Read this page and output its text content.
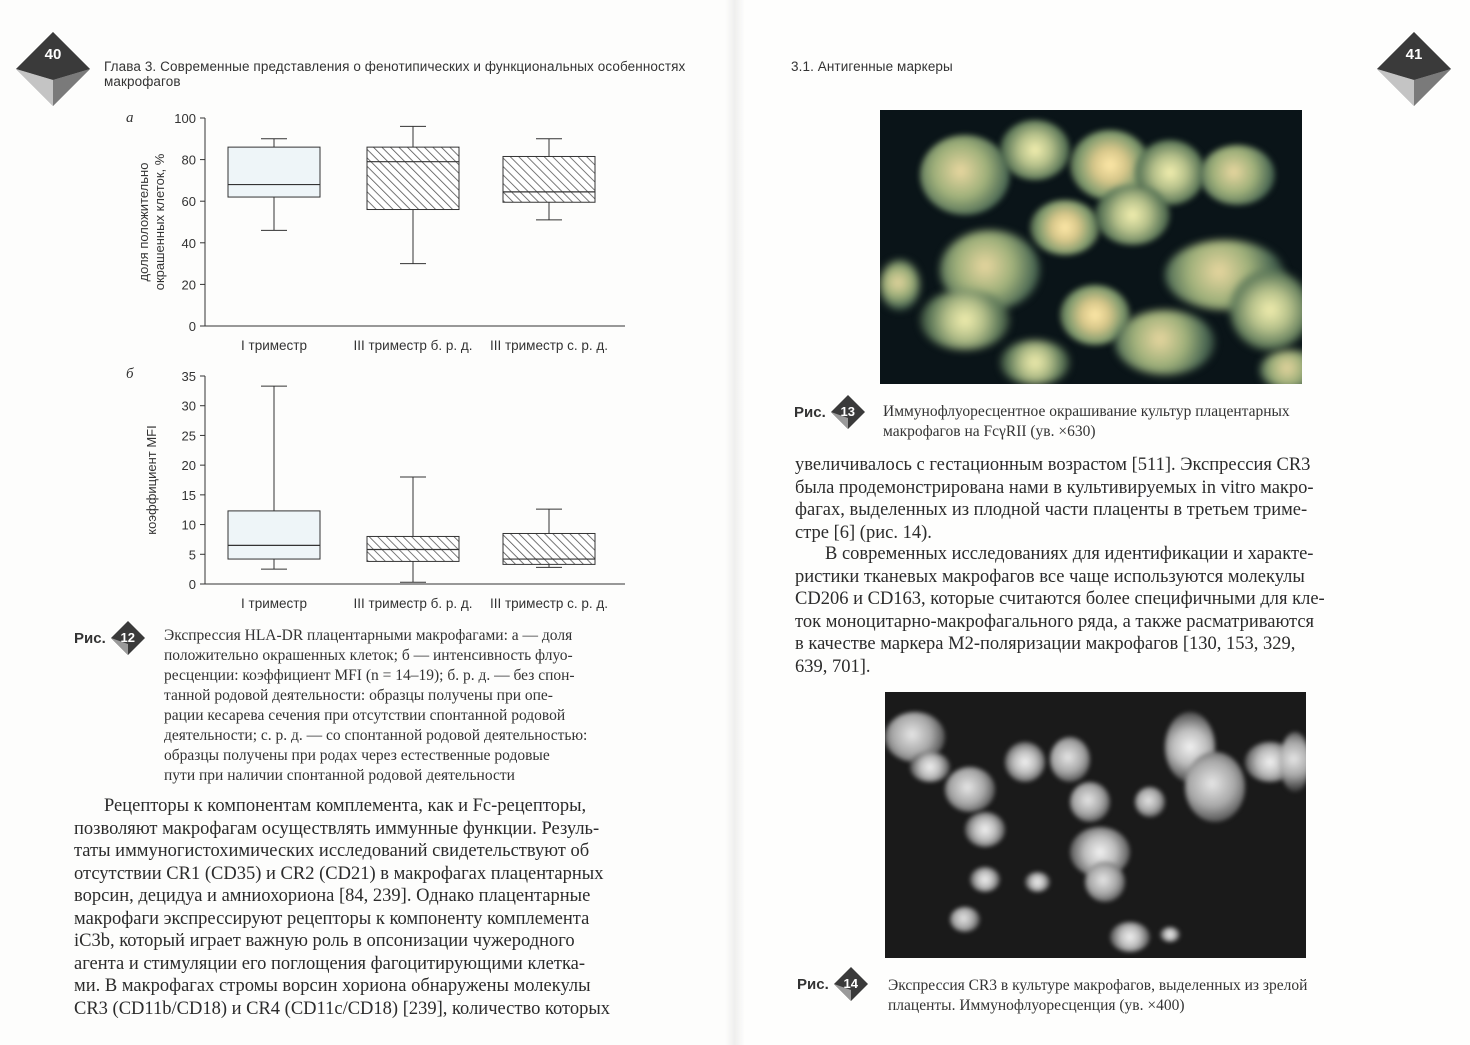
40
Глава 3. Современные представления о фенотипических и функциональных особенностях макрофагов
а
0
20
40
60
80
100
доля положительно окрашенных клеток, %
I триместр	III триместр б. р. д. III триместр с. р. д.
б
0
5
10
15
20
25
30
35
коэффициент MFI
I триместр	III триместр б. р. д. III триместр с. р. д.
Рис.	12	Экспрессия HLA-DR плацентарными макрофагами: а — доля
положительно окрашенных клеток; б — интенсивность флуо-
ресценции: коэффициент MFI (n = 14–19); б. р. д. — без спон-
танной родовой деятельности: образцы получены при опе-
рации кесарева сечения при отсутствии спонтанной родовой
деятельности; с. р. д. — со спонтанной родовой деятельностью:
образцы получены при родах через естественные родовые
пути при наличии спонтанной родовой деятельности

Рецепторы к компонентам комплемента, как и Fc-рецепторы,

позволяют макрофагам осуществлять иммунные функции. Резуль-

таты иммуногистохимических исследований свидетельствуют об

отсутствии CR1 (CD35) и CR2 (CD21) в макрофагах плацентарных

ворсин, децидуа и амниохориона [84, 239]. Однако плацентарные

макрофаги экспрессируют рецепторы к компоненту комплемента

iC3b, который играет важную роль в опсонизации чужеродного

агента и стимуляции его поглощения фагоцитирующими клетка-

ми. В макрофагах стромы ворсин хориона обнаружены молекулы

CR3 (CD11b/CD18) и CR4 (CD11c/CD18) [239], количество которых

3.1. Антигенные маркеры
41
Рис.	13	Иммунофлуоресцентное окрашивание культур плацентарных
макрофагов на FcγRII (ув. ×630)

увеличивалось с гестационным возрастом [511]. Экспрессия CR3

была продемонстрирована нами в культивируемых in vitro макро-

фагах, выделенных из плодной части плаценты в третьем триме-

стре [6] (рис. 14).

В современных исследованиях для идентификации и характе-

ристики тканевых макрофагов все чаще используются молекулы

CD206 и CD163, которые считаются более специфичными для кле-

ток моноцитарно-макрофагального ряда, а также расматриваются

в качестве маркера М2-поляризации макрофагов [130, 153, 329,

639, 701].

Рис.	14	Экспрессия CR3 в культуре макрофагов, выделенных из зрелой
плаценты. Иммунофлуоресценция (ув. ×400)
